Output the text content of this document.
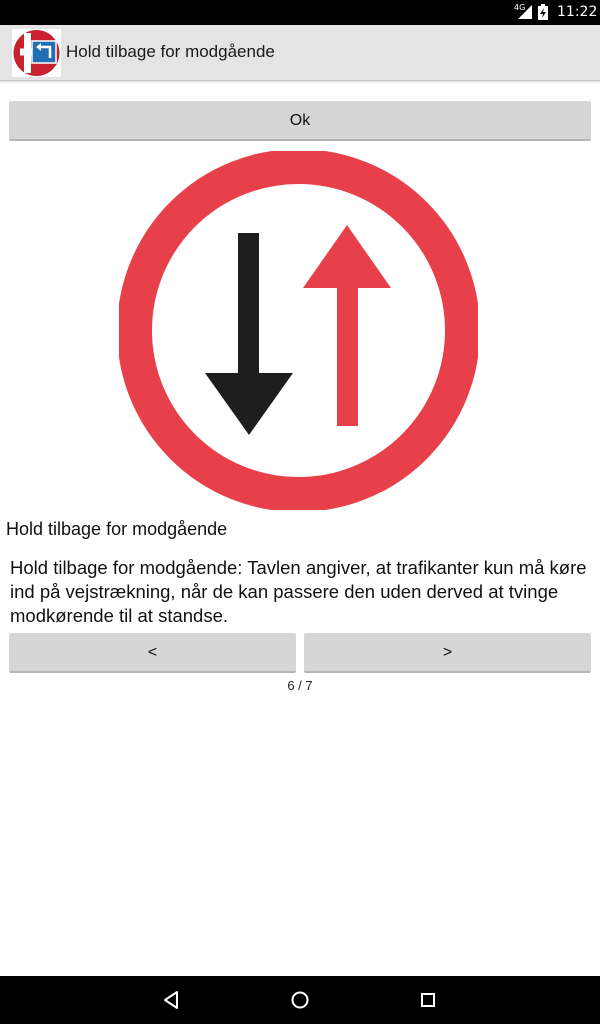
4G 11:22
Hold tilbage for modgående
Ok
Hold tilbage for modgående
Hold tilbage for modgående: Tavlen angiver, at trafikanter kun må køre ind på vejstrækning, når de kan passere den uden derved at tvinge modkørende til at standse.
<	>
6 / 7
